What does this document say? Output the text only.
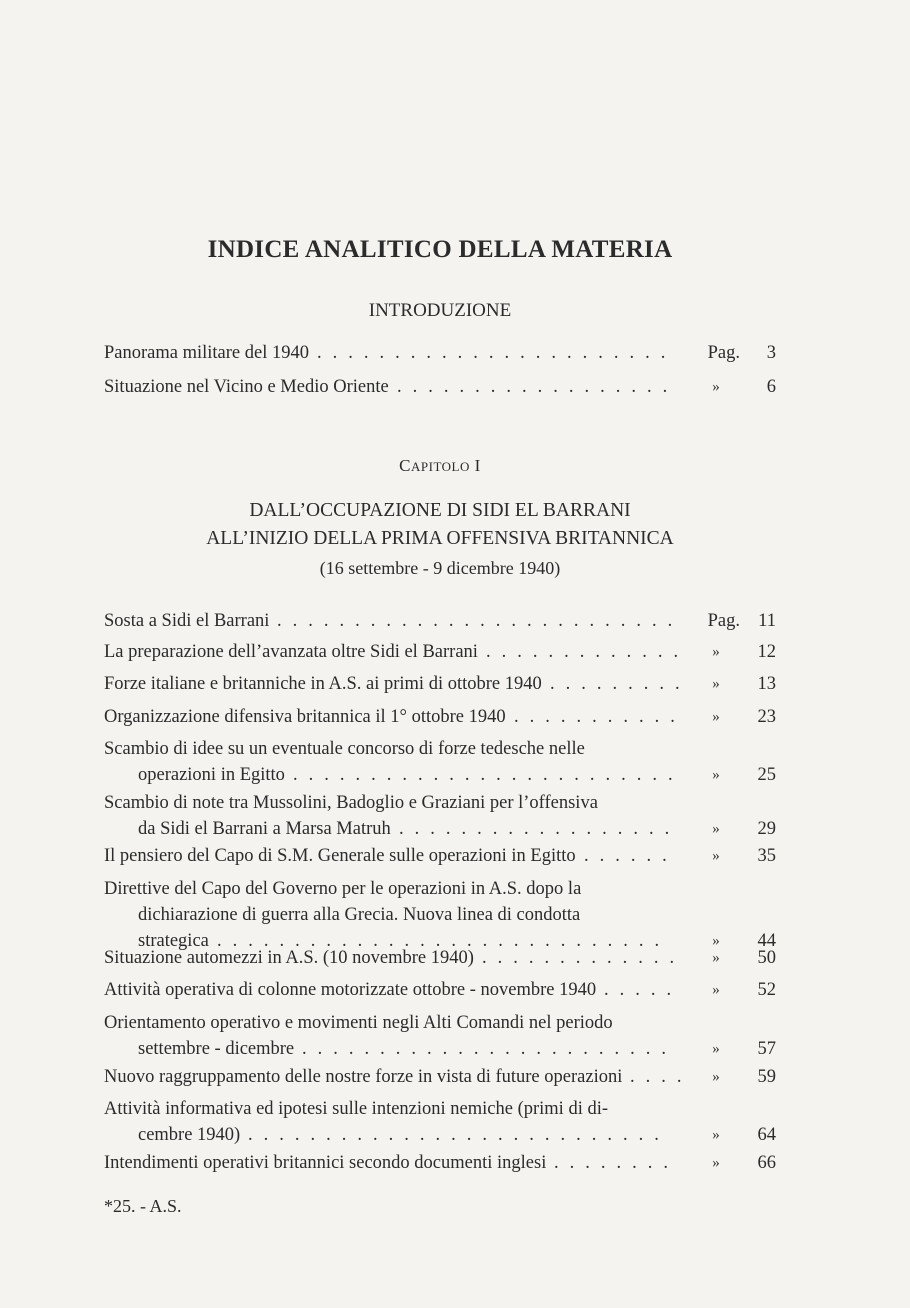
INDICE ANALITICO DELLA MATERIA
INTRODUZIONE
CAPITOLO I
DALL’OCCUPAZIONE DI SIDI EL BARRANI
ALL’INIZIO DELLA PRIMA OFFENSIVA BRITANNICA
(16 settembre - 9 dicembre 1940)
Panorama militare del 1940 .......................	Pag.	3
Situazione nel Vicino e Medio Oriente ..................	»	6
Sosta a Sidi el Barrani ..........................	Pag. 11
La preparazione dell’avanzata oltre Sidi el Barrani .............	»	12
Forze italiane e britanniche in A.S. ai primi di ottobre 1940 .........	»	13
Organizzazione difensiva britannica il 1° ottobre 1940 ...........	»	23
Scambio di idee su un eventuale concorso di forze tedesche nelle
operazioni in Egitto .........................	»	25
Scambio di note tra Mussolini, Badoglio e Graziani per l’offensiva
da Sidi el Barrani a Marsa Matruh ..................	»	29
Il pensiero del Capo di S.M. Generale sulle operazioni in Egitto ......	»	35
Direttive del Capo del Governo per le operazioni in A.S. dopo la
dichiarazione di guerra alla Grecia. Nuova linea di condotta
strategica .............................	»	44
Situazione automezzi in A.S. (10 novembre 1940) .............	»	50
Attività operativa di colonne motorizzate ottobre - novembre 1940 .....	»	52
Orientamento operativo e movimenti negli Alti Comandi nel periodo
settembre - dicembre ........................	»	57
Nuovo raggruppamento delle nostre forze in vista di future operazioni ....	»	59
Attività informativa ed ipotesi sulle intenzioni nemiche (primi di di-
cembre 1940) ...........................	»	64
Intendimenti operativi britannici secondo documenti inglesi ........	»	66
*25. - A.S.
